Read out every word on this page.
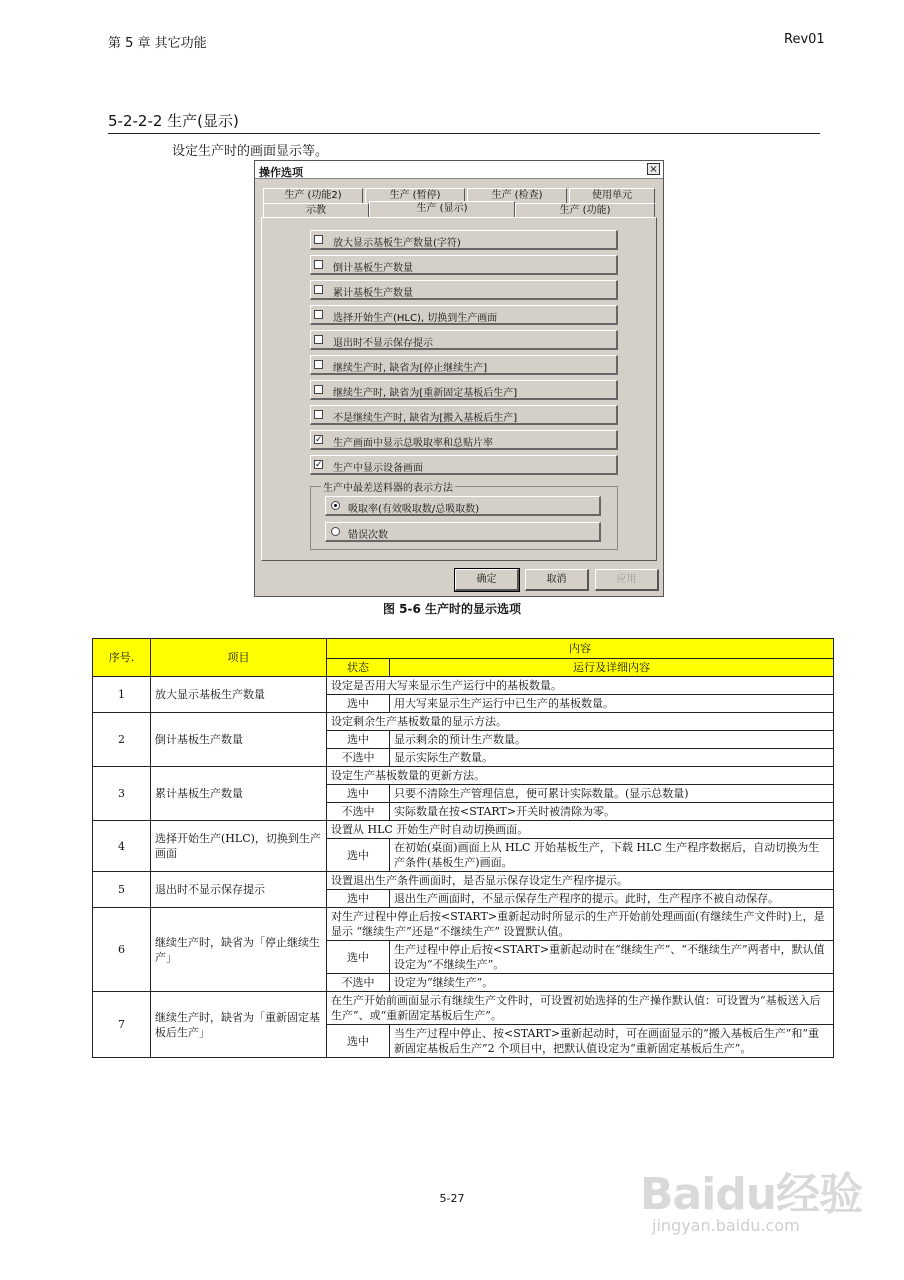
第 5 章 其它功能	Rev01
5-2-2-2 生产(显示)
设定生产时的画面显示等。
操作选项	×
生产 (功能2)	生产 (暂停)	生产 (检查)	使用单元
示教	生产 (显示)	生产 (功能)
放大显示基板生产数量(字符)
倒计基板生产数量
累计基板生产数量
选择开始生产(HLC), 切换到生产画面
退出时不显示保存提示
继续生产时, 缺省为[停止继续生产]
继续生产时, 缺省为[重新固定基板后生产]
不是继续生产时, 缺省为[搬入基板后生产]
✓ 生产画面中显示总吸取率和总贴片率
✓ 生产中显示设备画面
生产中最差送料器的表示方法
吸取率(有效吸取数/总吸取数)
错误次数
确定	取消	应用
图 5-6 生产时的显示选项
序号.	项目	内容	
		状态	运行及详细内容
1	放大显示基板生产数量	设定是否用大写来显示生产运行中的基板数量。	
		选中	用大写来显示生产运行中已生产的基板数量。
2	倒计基板生产数量	设定剩余生产基板数量的显示方法。	
		选中	显示剩余的预计生产数量。
		不选中	显示实际生产数量。
3	累计基板生产数量	设定生产基板数量的更新方法。	
		选中	只要不清除生产管理信息，便可累计实际数量。(显示总数量)
		不选中	实际数量在按<START>开关时被清除为零。
4	选择开始生产(HLC)，切换到生产画面	设置从 HLC 开始生产时自动切换画面。	
		选中	在初始(桌面)画面上从 HLC 开始基板生产，下载 HLC 生产程序数据后，自动切换为生产条件(基板生产)画面。
5	退出时不显示保存提示	设置退出生产条件画面时，是否显示保存设定生产程序提示。	
		选中	退出生产画面时，不显示保存生产程序的提示。此时，生产程序不被自动保存。
6	继续生产时，缺省为「停止继续生产」	对生产过程中停止后按<START>重新起动时所显示的生产开始前处理画面(有继续生产文件时)上，是显示 “继续生产”还是“不继续生产” 设置默认值。	
		选中	生产过程中停止后按<START>重新起动时在“继续生产”、“不继续生产”两者中，默认值设定为“不继续生产”。
		不选中	设定为“继续生产”。
7	继续生产时，缺省为「重新固定基板后生产」	在生产开始前画面显示有继续生产文件时，可设置初始选择的生产操作默认值：可设置为“基板送入后生产”、或“重新固定基板后生产”。	
		选中	当生产过程中停止、按<START>重新起动时，可在画面显示的“搬入基板后生产”和“重新固定基板后生产”2 个项目中，把默认值设定为“重新固定基板后生产”。
5-27	Baidu经验
jingyan.baidu.com
